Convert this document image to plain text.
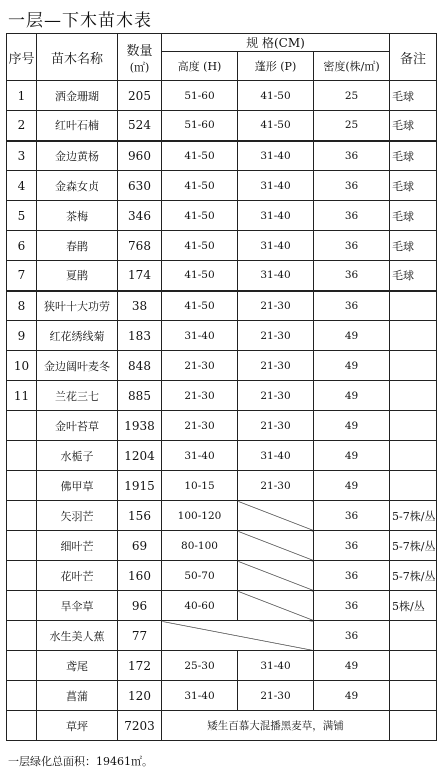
一层—下木苗木表
序号	苗木名称	数量
(㎡)	规 格(CM)			备注
			高度 (H)	蓬形 (P)	密度(株/㎡)	
1	洒金珊瑚	205	51-60	41-50	25	毛球
2	红叶石楠	524	51-60	41-50	25	毛球
3	金边黄杨	960	41-50	31-40	36	毛球
4	金森女贞	630	41-50	31-40	36	毛球
5	茶梅	346	41-50	31-40	36	毛球
6	春鹃	768	41-50	31-40	36	毛球
7	夏鹃	174	41-50	31-40	36	毛球
8	狭叶十大功劳	38	41-50	21-30	36	
9	红花绣线菊	183	31-40	21-30	49	
10	金边阔叶麦冬	848	21-30	21-30	49	
11	兰花三七	885	21-30	21-30	49	
	金叶苔草	1938	21-30	21-30	49	
	水栀子	1204	31-40	31-40	49	
	佛甲草	1915	10-15	21-30	49	
	矢羽芒	156	100-120		36	5-7株/丛
	细叶芒	69	80-100		36	5-7株/丛
	花叶芒	160	50-70		36	5-7株/丛
	旱伞草	96	40-60		36	5株/丛
	水生美人蕉	77			36	
	鸢尾	172	25-30	31-40	49	
	菖蒲	120	31-40	21-30	49	
	草坪	7203	矮生百慕大混播黑麦草，满铺			
一层绿化总面积：19461㎡。
